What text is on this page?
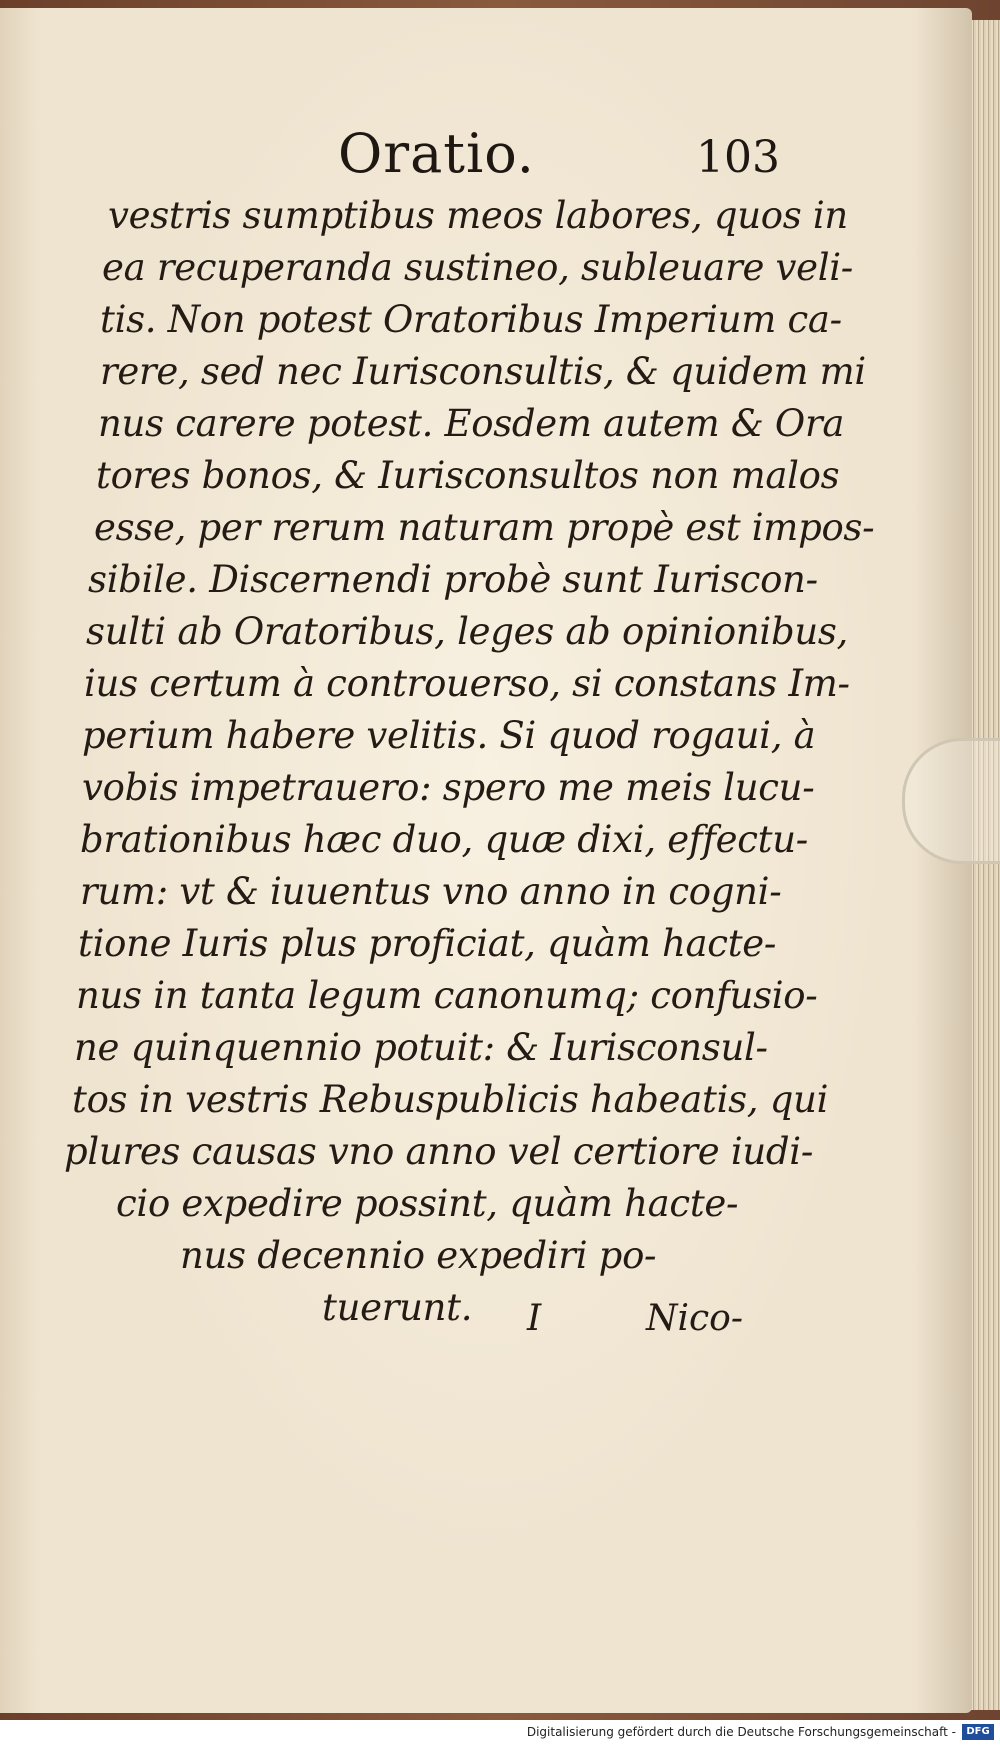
Oratio.	103
vestris sumptibus meos labores, quos in
ea recuperanda sustineo, subleuare veli-
tis. Non potest Oratoribus Imperium ca-
rere, sed nec Iurisconsultis, & quidem mi
nus carere potest. Eosdem autem & Ora
tores bonos, & Iurisconsultos non malos
esse, per rerum naturam propè est impos-
sibile. Discernendi probè sunt Iuriscon-
sulti ab Oratoribus, leges ab opinionibus,
ius certum à controuerso, si constans Im-
perium habere velitis. Si quod rogaui, à
vobis impetrauero: spero me meis lucu-
brationibus hæc duo, quæ dixi, effectu-
rum: vt & iuuentus vno anno in cogni-
tione Iuris plus proficiat, quàm hacte-
nus in tanta legum canonumq; confusio-
ne quinquennio potuit: & Iurisconsul-
tos in vestris Rebuspublicis habeatis, qui
plures causas vno anno vel certiore iudi-
cio expedire possint, quàm hacte-
nus decennio expediri po-
tuerunt. I	Nico-
Digitalisierung gefördert durch die Deutsche Forschungsgemeinschaft -	DFG
